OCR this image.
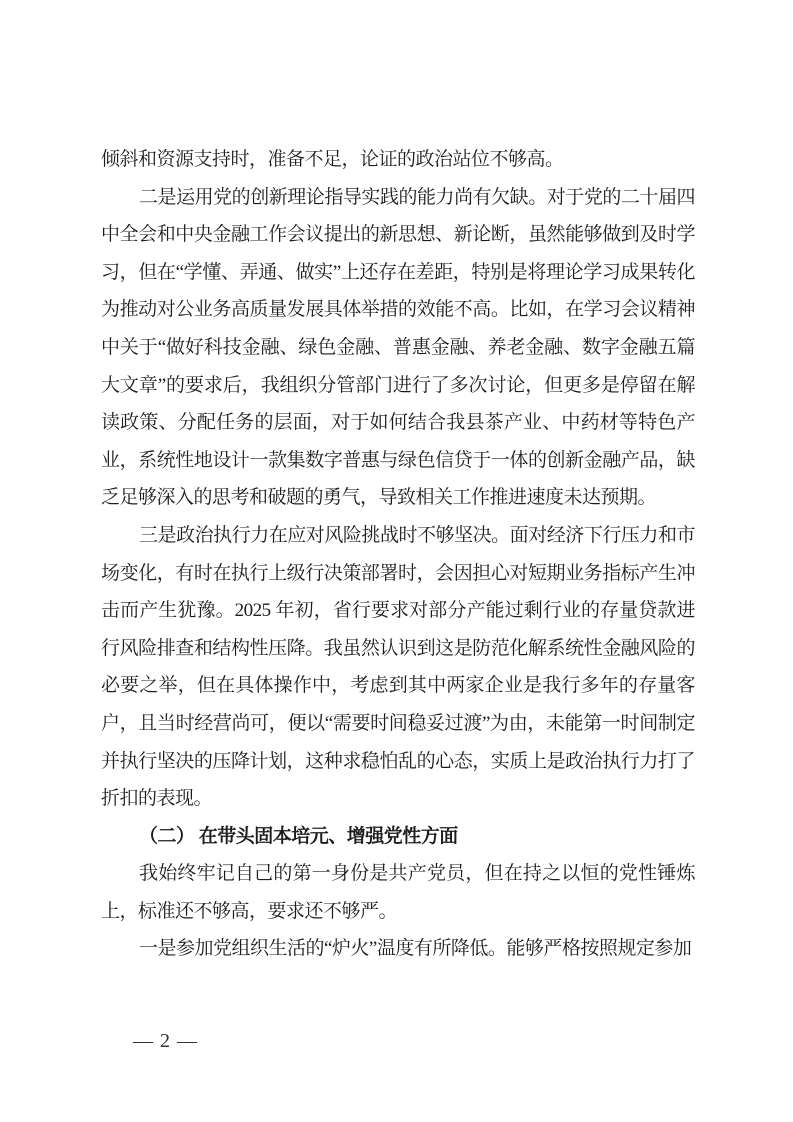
倾斜和资源支持时，准备不足，论证的政治站位不够高。

二是运用党的创新理论指导实践的能力尚有欠缺。对于党的二十届四中全会和中央金融工作会议提出的新思想、新论断，虽然能够做到及时学习，但在“学懂、弄通、做实”上还存在差距，特别是将理论学习成果转化为推动对公业务高质量发展具体举措的效能不高。比如，在学习会议精神中关于“做好科技金融、绿色金融、普惠金融、养老金融、数字金融五篇大文章”的要求后，我组织分管部门进行了多次讨论，但更多是停留在解读政策、分配任务的层面，对于如何结合我县茶产业、中药材等特色产业，系统性地设计一款集数字普惠与绿色信贷于一体的创新金融产品，缺乏足够深入的思考和破题的勇气，导致相关工作推进速度未达预期。

三是政治执行力在应对风险挑战时不够坚决。面对经济下行压力和市场变化，有时在执行上级行决策部署时，会因担心对短期业务指标产生冲击而产生犹豫。2025 年初，省行要求对部分产能过剩行业的存量贷款进行风险排查和结构性压降。我虽然认识到这是防范化解系统性金融风险的必要之举，但在具体操作中，考虑到其中两家企业是我行多年的存量客户，且当时经营尚可，便以“需要时间稳妥过渡”为由，未能第一时间制定并执行坚决的压降计划，这种求稳怕乱的心态，实质上是政治执行力打了折扣的表现。

（二） 在带头固本培元、增强党性方面

我始终牢记自己的第一身份是共产党员，但在持之以恒的党性锤炼上，标准还不够高，要求还不够严。

一是参加党组织生活的“炉火”温度有所降低。能够严格按照规定参加

— 2 —
